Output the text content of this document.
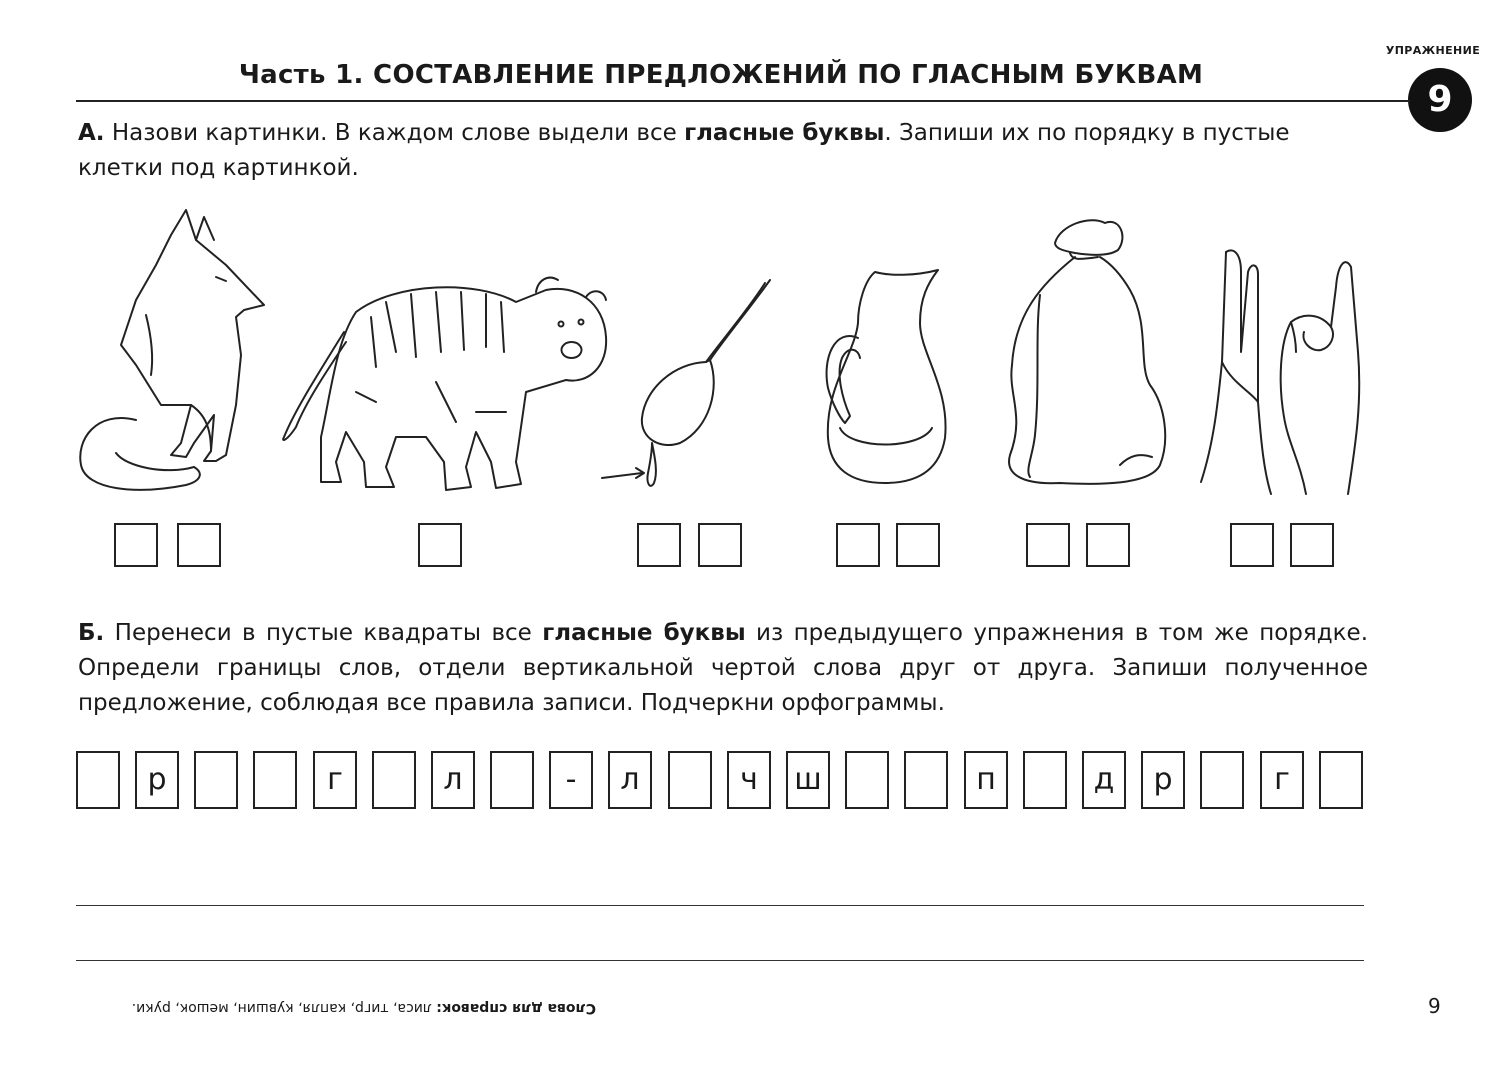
УПРАЖНЕНИЕ
9
Часть 1. СОСТАВЛЕНИЕ ПРЕДЛОЖЕНИЙ ПО ГЛАСНЫМ БУКВАМ
А. Назови картинки. В каждом слове выдели все гласные буквы. Запиши их по порядку в пустые клетки под картинкой.
Б. Перенеси в пустые квадраты все гласные буквы из предыдущего упражнения в том же порядке. Определи границы слов, отдели вертикальной чертой слова друг от друга. Запиши полученное предложение, соблюдая все правила записи. Подчеркни орфограммы.
р	г	л	-	л	ч	ш	п	д	р	г
Слова для справок: лиса, тигр, капля, кувшин, мешок, руки.	9
